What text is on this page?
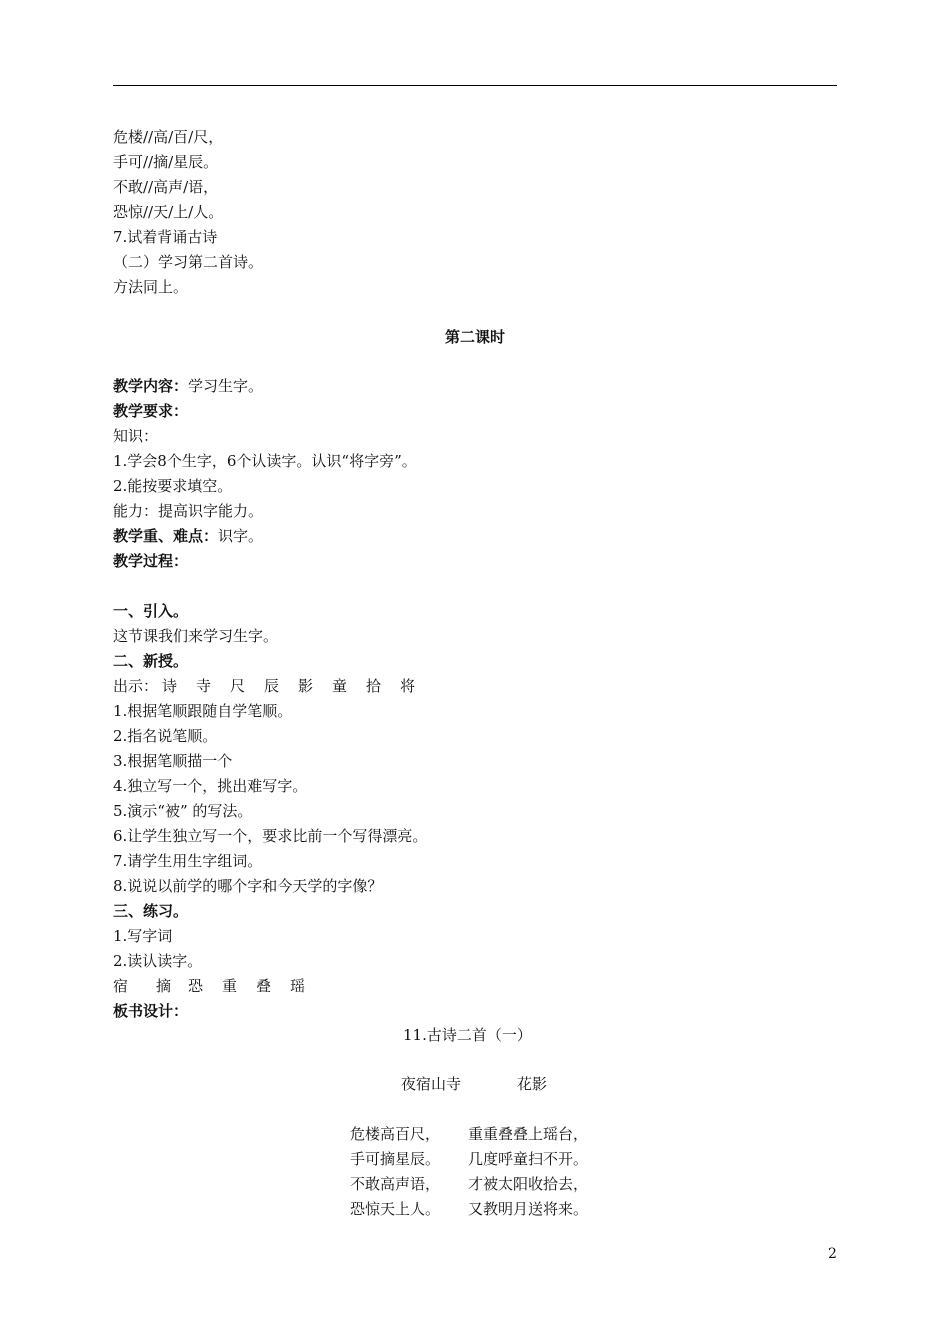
危楼//高/百/尺，
手可//摘/星辰。
不敢//高声/语，
恐惊//天/上/人。
7.试着背诵古诗
（二）学习第二首诗。
方法同上。
第二课时
教学内容：学习生字。
教学要求：
知识：
1.学会8个生字，6个认读字。认识“将字旁”。
2.能按要求填空。
能力：提高识字能力。
教学重、难点：识字。
教学过程：
一、引入。
这节课我们来学习生字。
二、新授。
出示： 诗 寺 尺 辰 影 童 拾 将
1.根据笔顺跟随自学笔顺。
2.指名说笔顺。
3.根据笔顺描一个
4.独立写一个，挑出难写字。
5.演示“被” 的写法。
6.让学生独立写一个，要求比前一个写得漂亮。
7.请学生用生字组词。
8.说说以前学的哪个字和今天学的字像？
三、练习。
1.写字词
2.读认读字。
宿 摘 恐 重 叠 瑶
板书设计：
11.古诗二首（一）
夜宿山寺	花影
危楼高百尺，
手可摘星辰。
不敢高声语，
恐惊天上人。
重重叠叠上瑶台，
几度呼童扫不开。
才被太阳收拾去，
又教明月送将来。
2
